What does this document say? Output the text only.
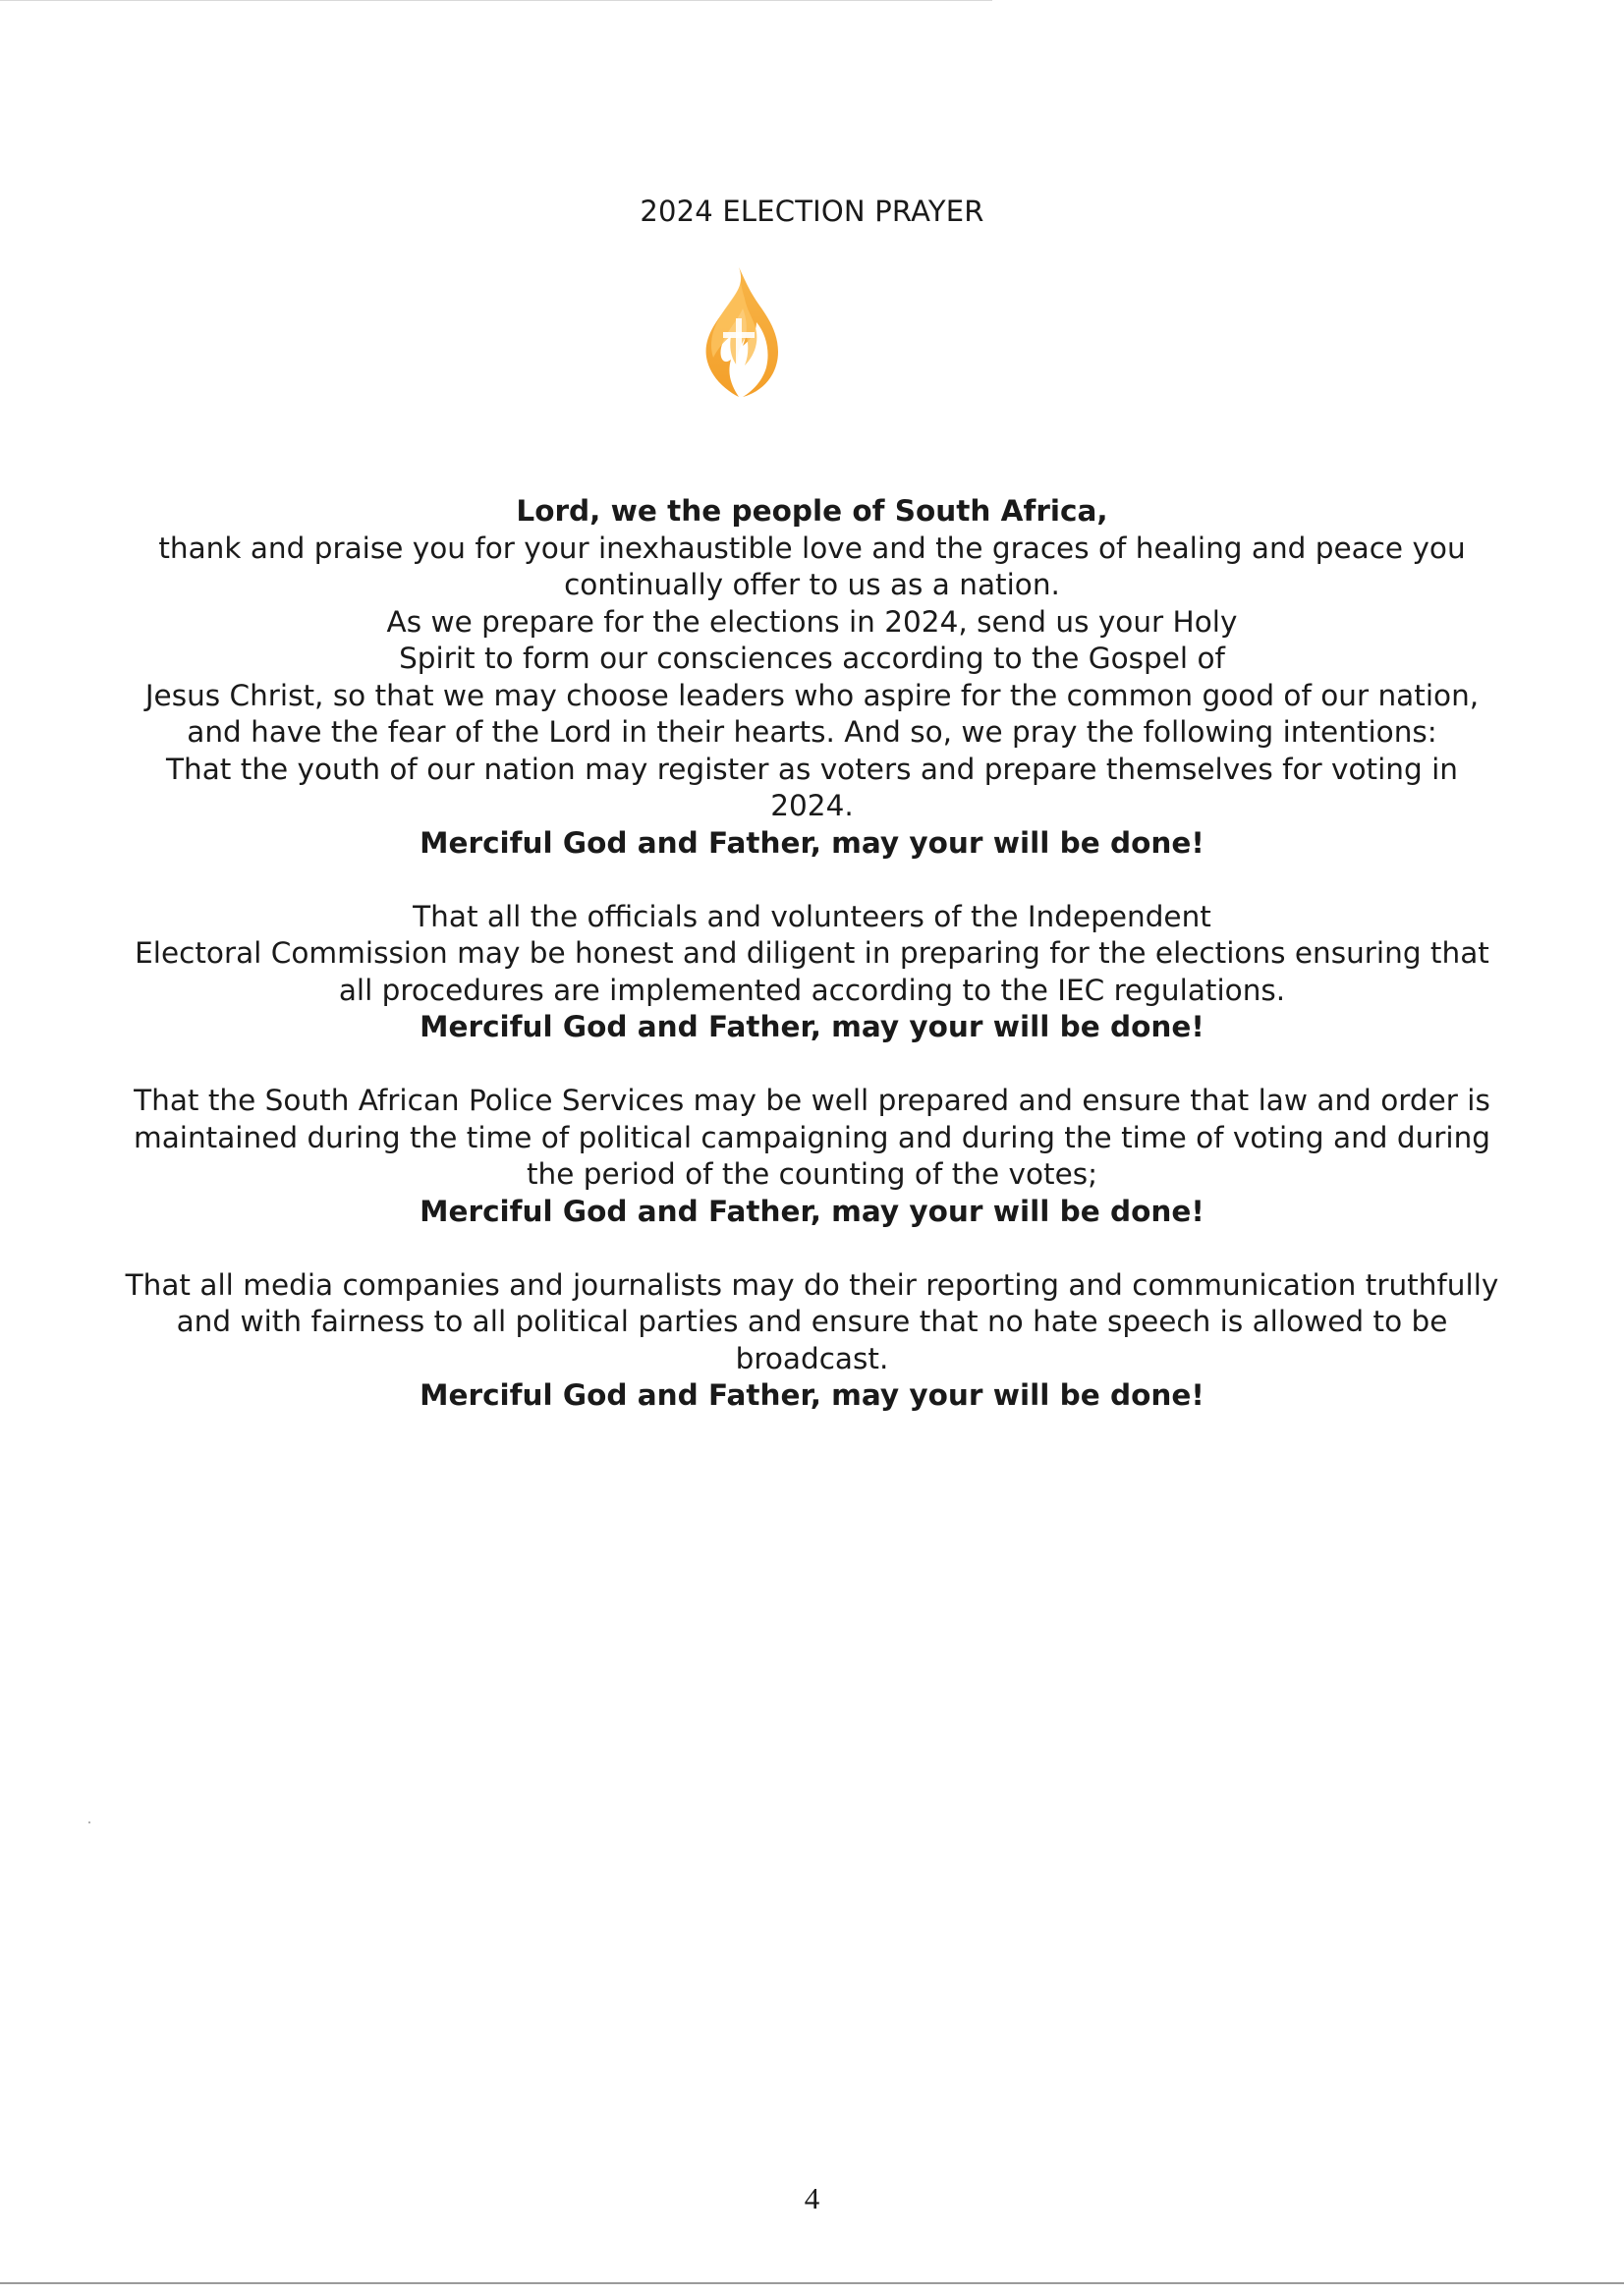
2024 ELECTION PRAYER
Lord, we the people of South Africa,
thank and praise you for your inexhaustible love and the graces of healing and peace you
continually offer to us as a nation.
As we prepare for the elections in 2024, send us your Holy
Spirit to form our consciences according to the Gospel of
Jesus Christ, so that we may choose leaders who aspire for the common good of our nation,
and have the fear of the Lord in their hearts. And so, we pray the following intentions:
That the youth of our nation may register as voters and prepare themselves for voting in
2024.
Merciful God and Father, may your will be done!
That all the officials and volunteers of the Independent
Electoral Commission may be honest and diligent in preparing for the elections ensuring that
all procedures are implemented according to the IEC regulations.
Merciful God and Father, may your will be done!
That the South African Police Services may be well prepared and ensure that law and order is
maintained during the time of political campaigning and during the time of voting and during
the period of the counting of the votes;
Merciful God and Father, may your will be done!
That all media companies and journalists may do their reporting and communication truthfully
and with fairness to all political parties and ensure that no hate speech is allowed to be
broadcast.
Merciful God and Father, may your will be done!
4
